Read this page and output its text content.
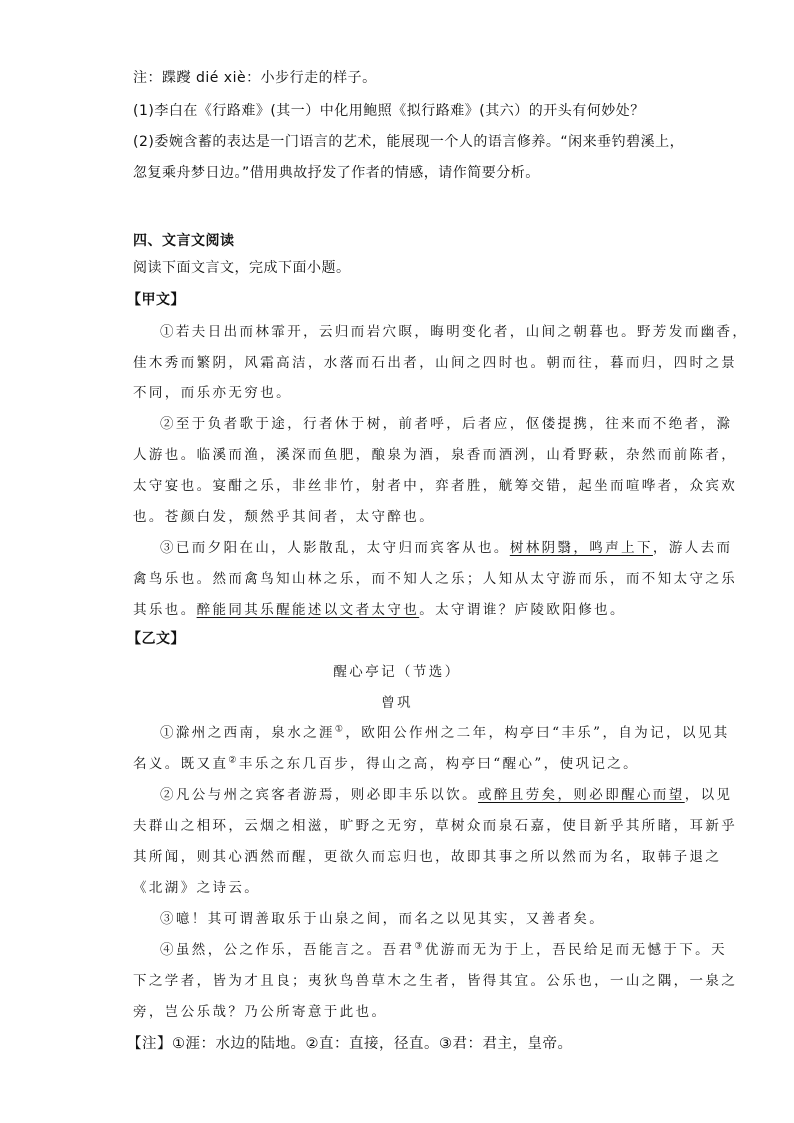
注：蹀躞 dié xiè：小步行走的样子。
(1)李白在《行路难》(其一）中化用鲍照《拟行路难》(其六）的开头有何妙处？
(2)委婉含蓄的表达是一门语言的艺术，能展现一个人的语言修养。“闲来垂钓碧溪上，
忽复乘舟梦日边。”借用典故抒发了作者的情感，请作简要分析。
四、文言文阅读
阅读下面文言文，完成下面小题。
【甲文】
①若夫日出而林霏开，云归而岩穴暝，晦明变化者，山间之朝暮也。野芳发而幽香，
佳木秀而繁阴，风霜高洁，水落而石出者，山间之四时也。朝而往，暮而归，四时之景
不同，而乐亦无穷也。
②至于负者歌于途，行者休于树，前者呼，后者应，伛偻提携，往来而不绝者，滁
人游也。临溪而渔，溪深而鱼肥，酿泉为酒，泉香而酒洌，山肴野蔌，杂然而前陈者，
太守宴也。宴酣之乐，非丝非竹，射者中，弈者胜，觥筹交错，起坐而喧哗者，众宾欢
也。苍颜白发，颓然乎其间者，太守醉也。
③已而夕阳在山，人影散乱，太守归而宾客从也。树林阴翳，鸣声上下，游人去而
禽鸟乐也。然而禽鸟知山林之乐，而不知人之乐；人知从太守游而乐，而不知太守之乐
其乐也。醉能同其乐醒能述以文者太守也。太守谓谁？庐陵欧阳修也。
【乙文】
醒心亭记（节选）
曾巩
①滁州之西南，泉水之涯①，欧阳公作州之二年，构亭曰“丰乐”，自为记，以见其
名义。既又直②丰乐之东几百步，得山之高，构亭曰“醒心”，使巩记之。
②凡公与州之宾客者游焉，则必即丰乐以饮。或醉且劳矣，则必即醒心而望，以见
夫群山之相环，云烟之相滋，旷野之无穷，草树众而泉石嘉，使目新乎其所睹，耳新乎
其所闻，则其心洒然而醒，更欲久而忘归也，故即其事之所以然而为名，取韩子退之
《北湖》之诗云。
③噫！其可谓善取乐于山泉之间，而名之以见其实，又善者矣。
④虽然，公之作乐，吾能言之。吾君③优游而无为于上，吾民给足而无憾于下。天
下之学者，皆为才且良；夷狄鸟兽草木之生者，皆得其宜。公乐也，一山之隅，一泉之
旁，岂公乐哉？乃公所寄意于此也。
【注】①涯：水边的陆地。②直：直接，径直。③君：君主，皇帝。
